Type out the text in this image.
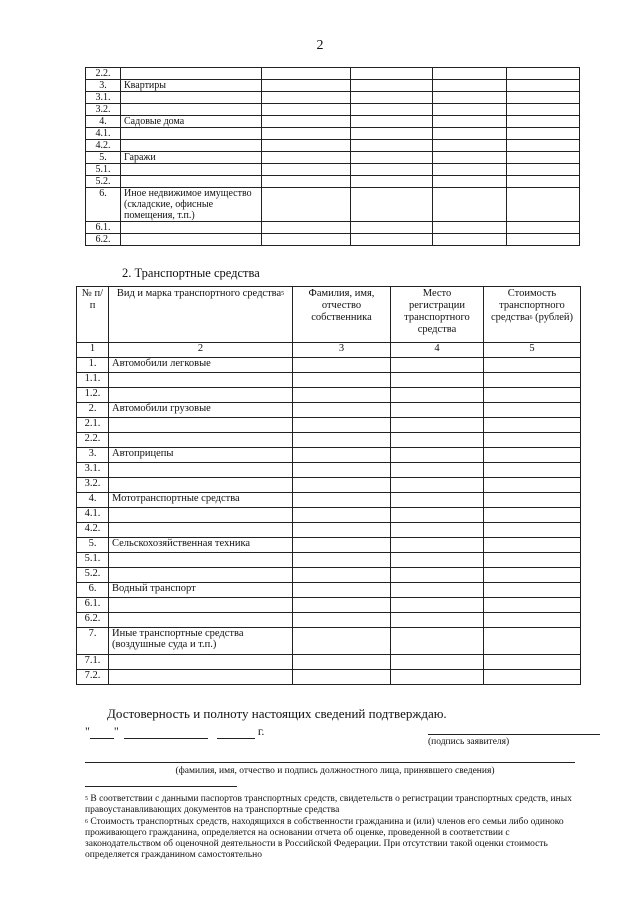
2
2.2.					
3.	Квартиры				
3.1.					
3.2.					
4.	Садовые дома				
4.1.					
4.2.					
5.	Гаражи				
5.1.					
5.2.					
6.	Иное недвижимое имущество (складские, офисные помещения, т.п.)				
6.1.					
6.2.					
2. Транспортные средства
№ п/п	Вид и марка транспортного средства$^5$	Фамилия, имя, отчество собственника	Место регистрации транспортного средства	Стоимость транспортного средства$^6$ (рублей)
1	2	3	4	5
1.	Автомобили легковые			
1.1.				
1.2.				
2.	Автомобили грузовые			
2.1.				
2.2.				
3.	Автоприцепы			
3.1.				
3.2.				
4.	Мототранспортные средства			
4.1.				
4.2.				
5.	Сельскохозяйственная техника			
5.1.				
5.2.				
6.	Водный транспорт			
6.1.				
6.2.				
7.	Иные транспортные средства (воздушные суда и т.п.)			
7.1.				
7.2.				
Достоверность и полноту настоящих сведений подтверждаю.
" "	г.
(подпись заявителя)
(фамилия, имя, отчество и подпись должностного лица, принявшего сведения)
$^5$ В соответствии с данными паспортов транспортных средств, свидетельств о регистрации транспортных средств, иных правоустанавливающих документов на транспортные средства
$^6$ Стоимость транспортных средств, находящихся в собственности гражданина и (или) членов его семьи либо одиноко проживающего гражданина, определяется на основании отчета об оценке, проведенной в соответствии с законодательством об оценочной деятельности в Российской Федерации. При отсутствии такой оценки стоимость определяется гражданином самостоятельно
